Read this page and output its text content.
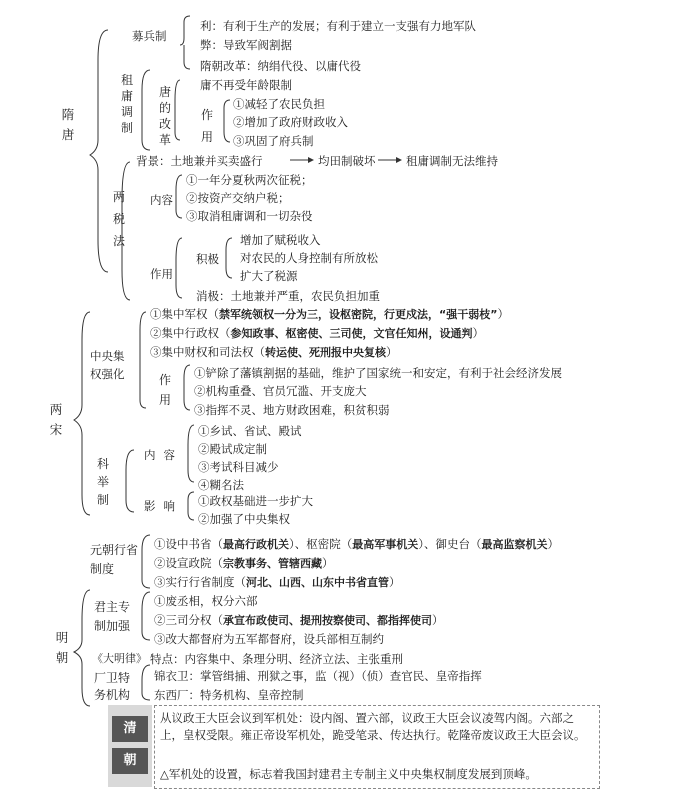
隋唐
募兵制
利：有利于生产的发展；有利于建立一支强有力地军队
弊：导致军阀割据
租庸调制
隋朝改革：纳绢代役、以庸代役
庸不再受年龄限制
唐的改革
作用
①减轻了农民负担
②增加了政府财政收入
③巩固了府兵制
两税法
背景：土地兼并买卖盛行	均田制破坏	租庸调制无法维持
内容
①一年分夏秋两次征税；
②按资产交纳户税；
③取消租庸调和一切杂役
作用
积极
增加了赋税收入
对农民的人身控制有所放松
扩大了税源
消极：土地兼并严重，农民负担加重
两宋
中央集权强化
①集中军权（禁军统领权一分为三，设枢密院，行更戍法，“强干弱枝”）
②集中行政权（参知政事、枢密使、三司使，文官任知州，设通判）
③集中财权和司法权（转运使、死刑报中央复核）
作用
①铲除了藩镇割据的基础，维护了国家统一和安定，有利于社会经济发展
②机构重叠、官员冗滥、开支庞大
③指挥不灵、地方财政困难，积贫积弱
科举制
内容
①乡试、省试、殿试
②殿试成定制
③考试科目减少
④糊名法
影响 ①政权基础进一步扩大
②加强了中央集权
元朝行省制度
①设中书省（最高行政机关）、枢密院（最高军事机关）、御史台（最高监察机关）
②设宣政院（宗教事务、管辖西藏）
③实行行省制度（河北、山西、山东中书省直管）
明朝
君主专制加强
①废丞相，权分六部
②三司分权（承宣布政使司、提刑按察使司、都指挥使司）
③改大都督府为五军都督府，设兵部相互制约
《大明律》 特点：内容集中、条理分明、经济立法、主张重刑
厂卫特务机构
锦衣卫：掌管缉捕、刑狱之事，监（视）（侦）查官民、皇帝指挥
东西厂：特务机构、皇帝控制
清
朝
从议政王大臣会议到军机处：设内阁、置六部，议政王大臣会议凌驾内阁。六部之上，皇权受限。雍正帝设军机处，跪受笔录、传达执行。乾隆帝废议政王大臣会议。
△军机处的设置，标志着我国封建君主专制主义中央集权制度发展到顶峰。
